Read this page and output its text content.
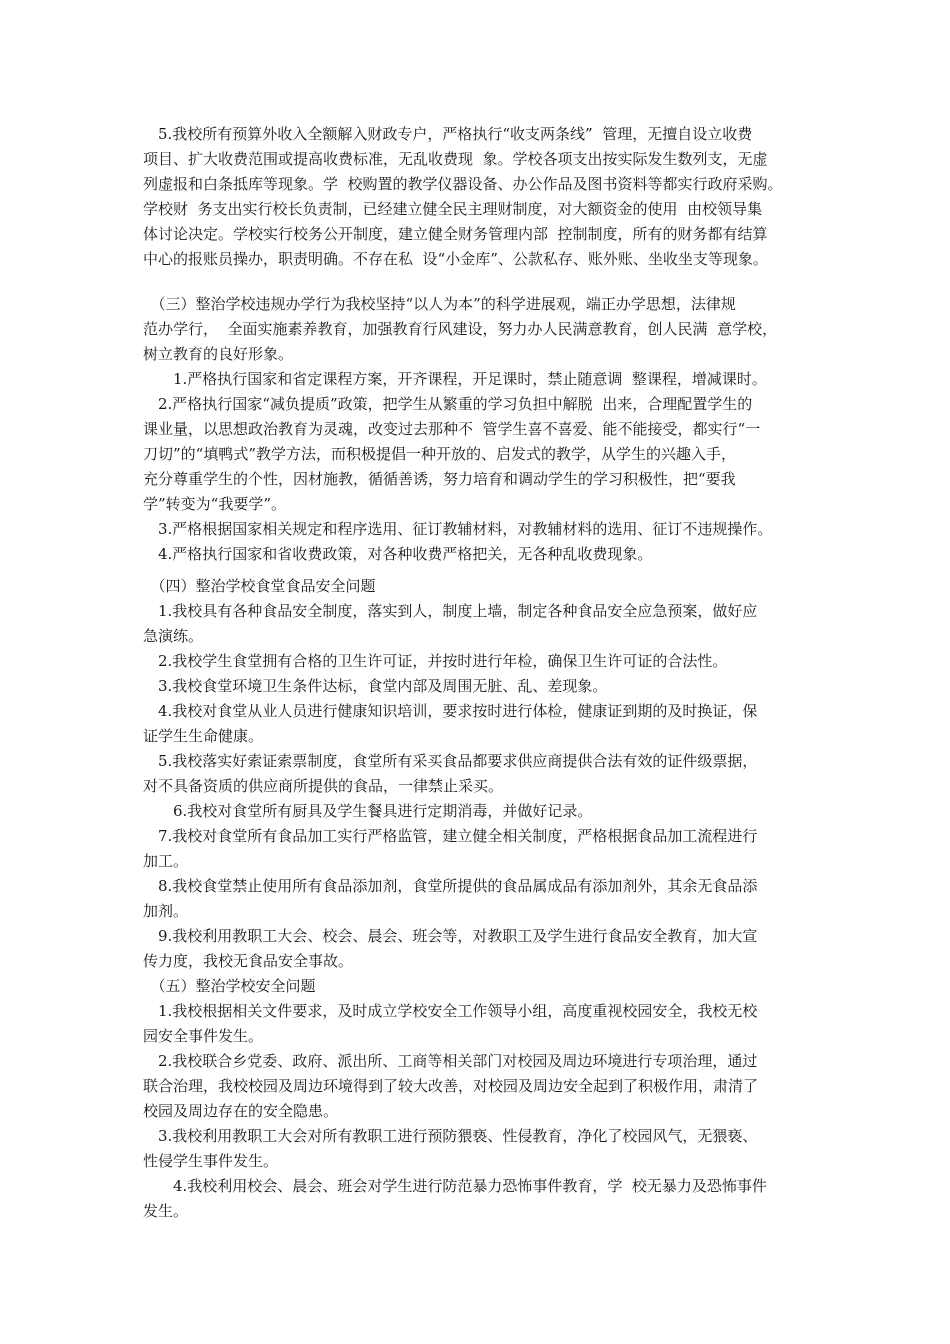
　5.我校所有预算外收入全额解入财政专户，严格执行“收支两条线”  管理，无擅自设立收费
项目、扩大收费范围或提高收费标准，无乱收费现  象。学校各项支出按实际发生数列支，无虚
列虚报和白条抵库等现象。学  校购置的教学仪器设备、办公作品及图书资料等都实行政府采购。
学校财  务支出实行校长负责制，已经建立健全民主理财制度，对大额资金的使用  由校领导集
体讨论决定。学校实行校务公开制度，建立健全财务管理内部  控制制度，所有的财务都有结算
中心的报账员操办，职责明确。不存在私  设“小金库”、公款私存、账外账、坐收坐支等现象。
　（三）整治学校违规办学行为我校坚持“以人为本”的科学进展观，端正办学思想，法律规
范办学行，  全面实施素养教育，加强教育行风建设，努力办人民满意教育，创人民满  意学校，
树立教育的良好形象。
　　1.严格执行国家和省定课程方案，开齐课程，开足课时，禁止随意调  整课程，增减课时。
　2.严格执行国家“减负提质”政策，把学生从繁重的学习负担中解脱  出来，合理配置学生的
课业量，以思想政治教育为灵魂，改变过去那种不  管学生喜不喜爱、能不能接受，都实行“一
刀切”的“填鸭式”教学方法，而积极提倡一种开放的、启发式的教学，从学生的兴趣入手，
充分尊重学生的个性，因材施教，循循善诱，努力培育和调动学生的学习积极性，把“要我
学”转变为“我要学”。
　3.严格根据国家相关规定和程序选用、征订教辅材料，对教辅材料的选用、征订不违规操作。
　4.严格执行国家和省收费政策，对各种收费严格把关，无各种乱收费现象。
　（四）整治学校食堂食品安全问题
　1.我校具有各种食品安全制度，落实到人，制度上墙，制定各种食品安全应急预案，做好应
急演练。
　2.我校学生食堂拥有合格的卫生许可证，并按时进行年检，确保卫生许可证的合法性。
　3.我校食堂环境卫生条件达标，食堂内部及周围无脏、乱、差现象。
　4.我校对食堂从业人员进行健康知识培训，要求按时进行体检，健康证到期的及时换证，保
证学生生命健康。
　5.我校落实好索证索票制度，食堂所有采买食品都要求供应商提供合法有效的证件级票据，
对不具备资质的供应商所提供的食品，一律禁止采买。
　　6.我校对食堂所有厨具及学生餐具进行定期消毒，并做好记录。
　7.我校对食堂所有食品加工实行严格监管，建立健全相关制度，严格根据食品加工流程进行
加工。
　8.我校食堂禁止使用所有食品添加剂，食堂所提供的食品属成品有添加剂外，其余无食品添
加剂。
　9.我校利用教职工大会、校会、晨会、班会等，对教职工及学生进行食品安全教育，加大宣
传力度，我校无食品安全事故。
　（五）整治学校安全问题
　1.我校根据相关文件要求，及时成立学校安全工作领导小组，高度重视校园安全，我校无校
园安全事件发生。
　2.我校联合乡党委、政府、派出所、工商等相关部门对校园及周边环境进行专项治理，通过
联合治理，我校校园及周边环境得到了较大改善，对校园及周边安全起到了积极作用，肃清了
校园及周边存在的安全隐患。
　3.我校利用教职工大会对所有教职工进行预防猥亵、性侵教育，净化了校园风气，无猥亵、
性侵学生事件发生。
　　4.我校利用校会、晨会、班会对学生进行防范暴力恐怖事件教育，学  校无暴力及恐怖事件
发生。
